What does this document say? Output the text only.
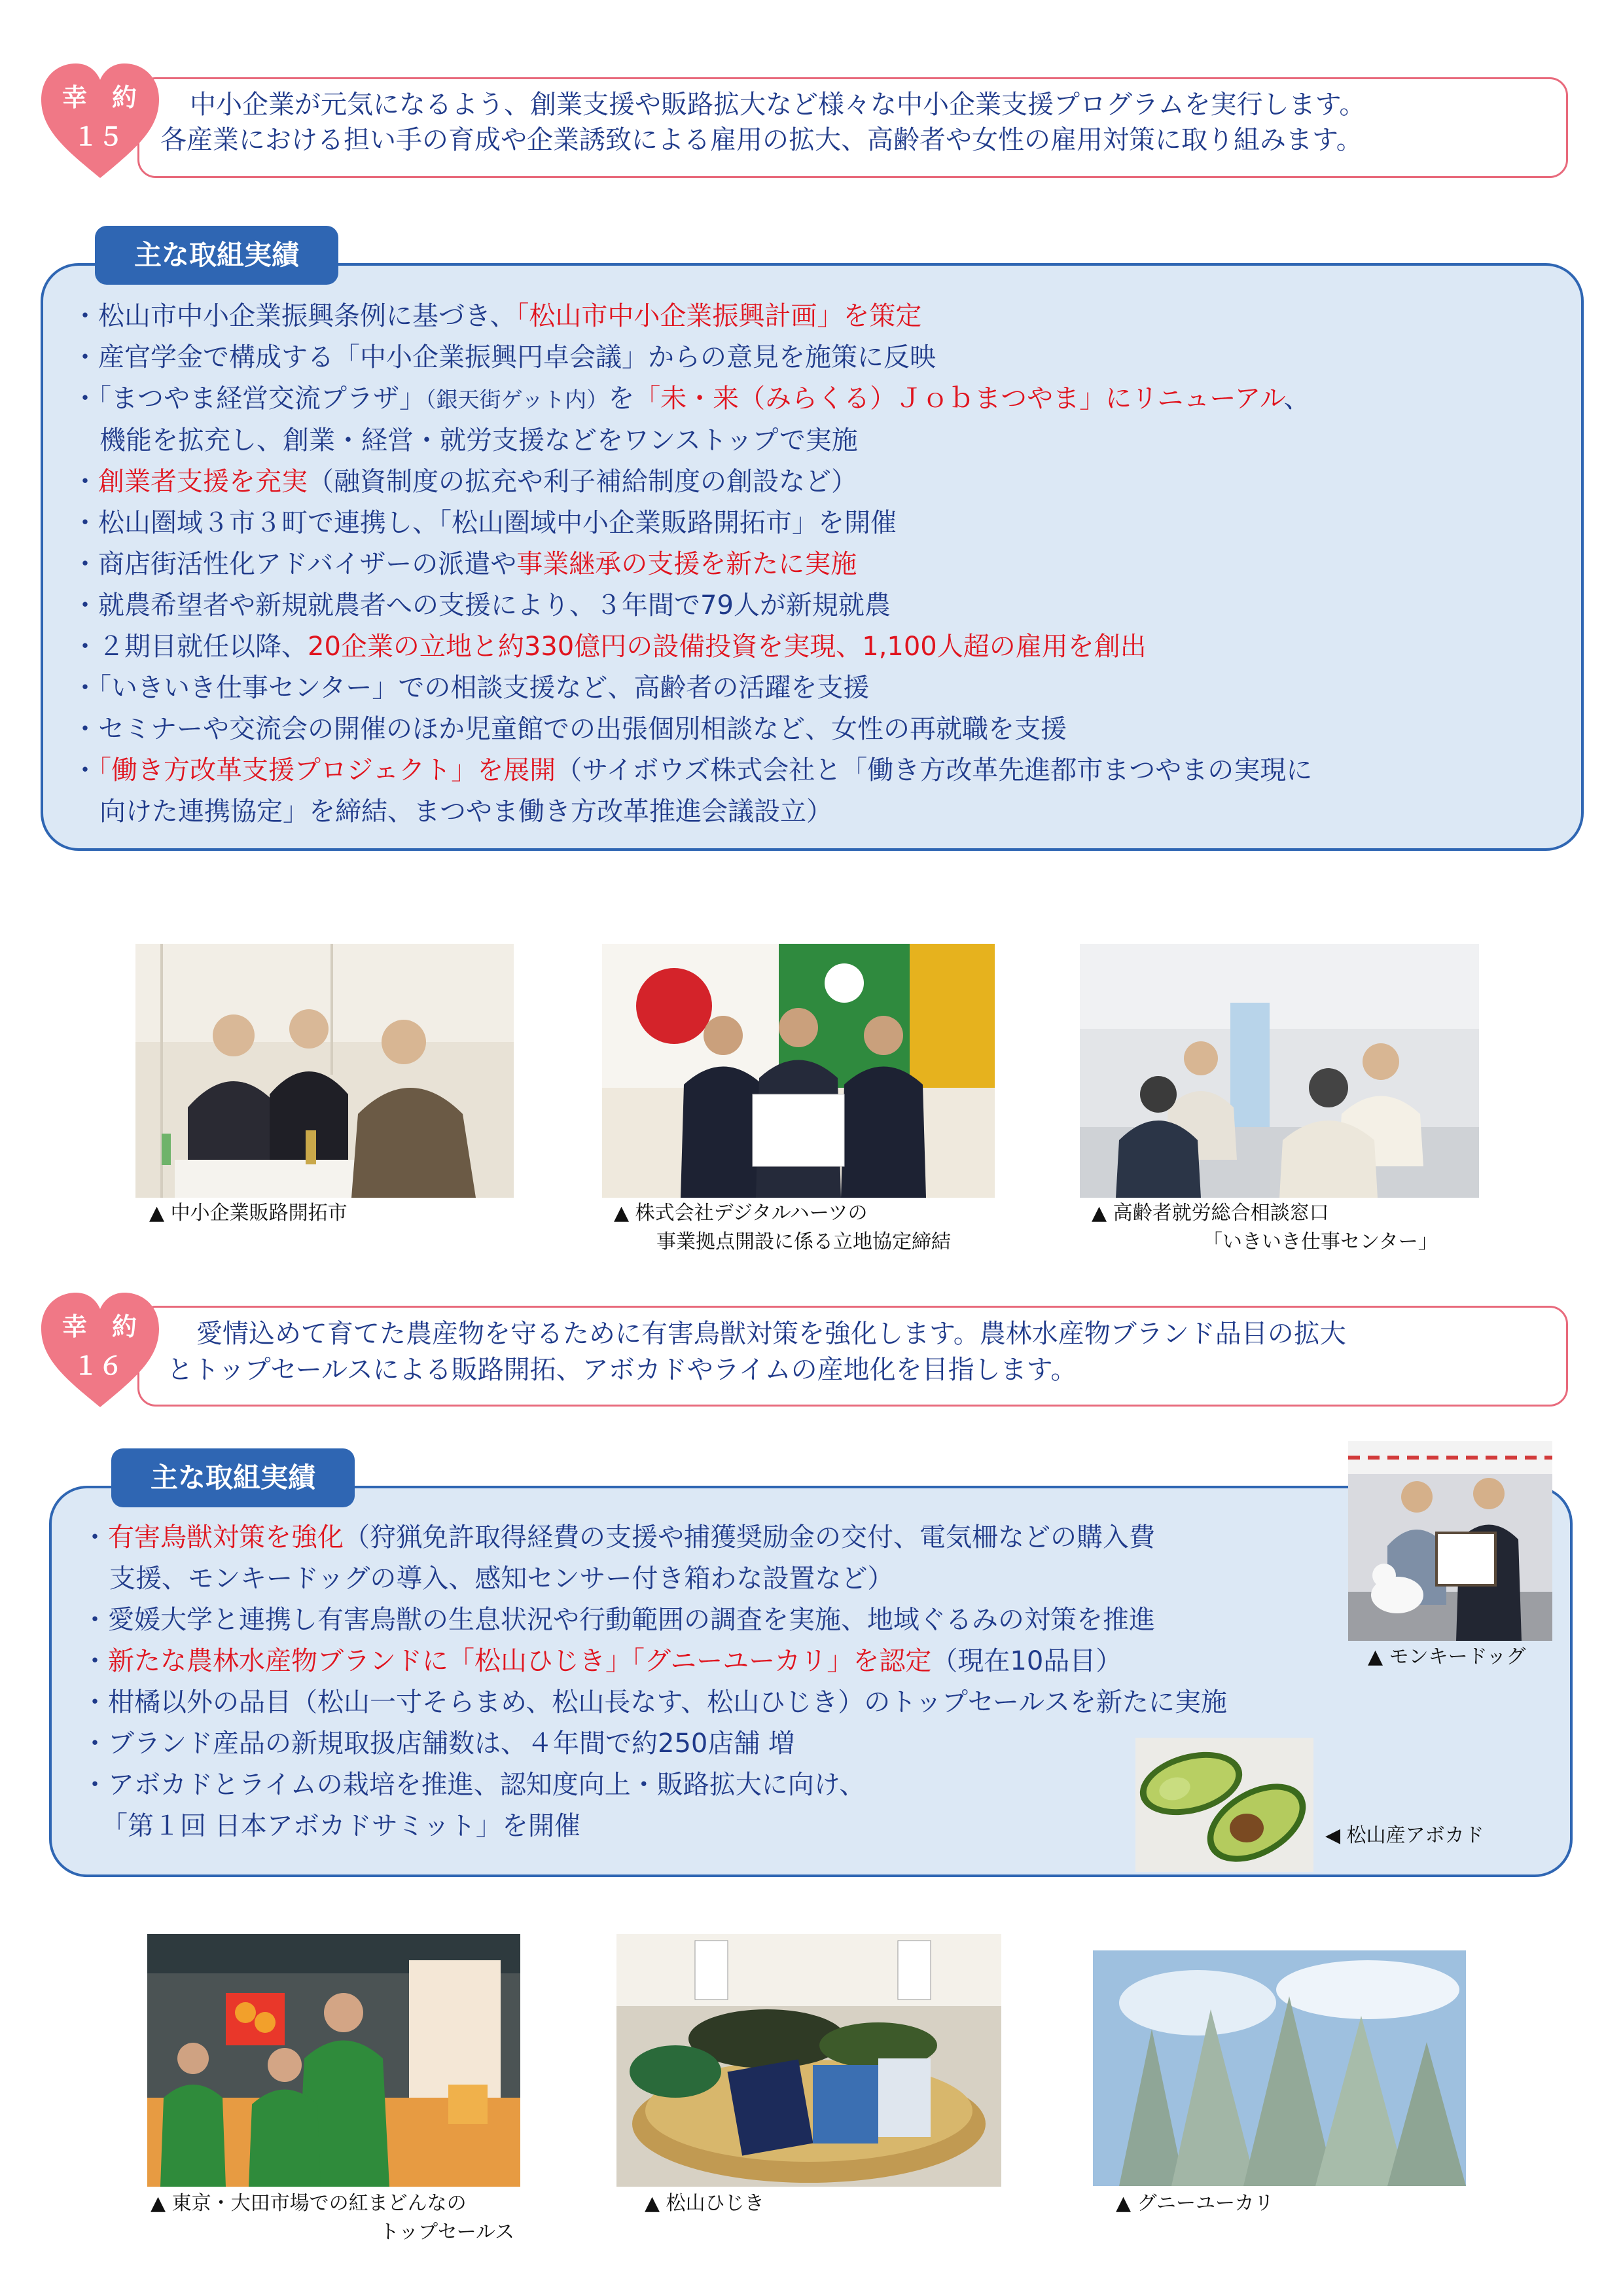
幸　約
１５
中小企業が元気になるよう、創業支援や販路拡大など様々な中小企業支援プログラムを実行します。
各産業における担い手の育成や企業誘致による雇用の拡大、高齢者や女性の雇用対策に取り組みます。
主な取組実績
・松山市中小企業振興条例に基づき、「松山市中小企業振興計画」を策定
・産官学金で構成する「中小企業振興円卓会議」からの意見を施策に反映
・「まつやま経営交流プラザ」（銀天街ゲット内）を「未・来（みらくる）Ｊｏｂまつやま」にリニューアル、
機能を拡充し、創業・経営・就労支援などをワンストップで実施
・創業者支援を充実（融資制度の拡充や利子補給制度の創設など）
・松山圏域３市３町で連携し、「松山圏域中小企業販路開拓市」を開催
・商店街活性化アドバイザーの派遣や事業継承の支援を新たに実施
・就農希望者や新規就農者への支援により、３年間で79人が新規就農
・２期目就任以降、20企業の立地と約330億円の設備投資を実現、1,100人超の雇用を創出
・「いきいき仕事センター」での相談支援など、高齢者の活躍を支援
・セミナーや交流会の開催のほか児童館での出張個別相談など、女性の再就職を支援
・「働き方改革支援プロジェクト」を展開（サイボウズ株式会社と「働き方改革先進都市まつやまの実現に
向けた連携協定」を締結、まつやま働き方改革推進会議設立）
▲ 中小企業販路開拓市	▲ 株式会社デジタルハーツの
事業拠点開設に係る立地協定締結
▲ 高齢者就労総合相談窓口
「いきいき仕事センター」
幸　約
１６
愛情込めて育てた農産物を守るために有害鳥獣対策を強化します。農林水産物ブランド品目の拡大
とトップセールスによる販路開拓、アボカドやライムの産地化を目指します。
主な取組実績
・有害鳥獣対策を強化（狩猟免許取得経費の支援や捕獲奨励金の交付、電気柵などの購入費
支援、モンキードッグの導入、感知センサー付き箱わな設置など）
・愛媛大学と連携し有害鳥獣の生息状況や行動範囲の調査を実施、地域ぐるみの対策を推進
・新たな農林水産物ブランドに「松山ひじき」「グニーユーカリ」を認定（現在10品目）
・柑橘以外の品目（松山一寸そらまめ、松山長なす、松山ひじき）のトップセールスを新たに実施
・ブランド産品の新規取扱店舗数は、４年間で約250店舗 増
・アボカドとライムの栽培を推進、認知度向上・販路拡大に向け、
「第１回 日本アボカドサミット」を開催
▲ モンキードッグ
◀ 松山産アボカド
▲ 東京・大田市場での紅まどんなの
トップセールス
▲ 松山ひじき	▲ グニーユーカリ
